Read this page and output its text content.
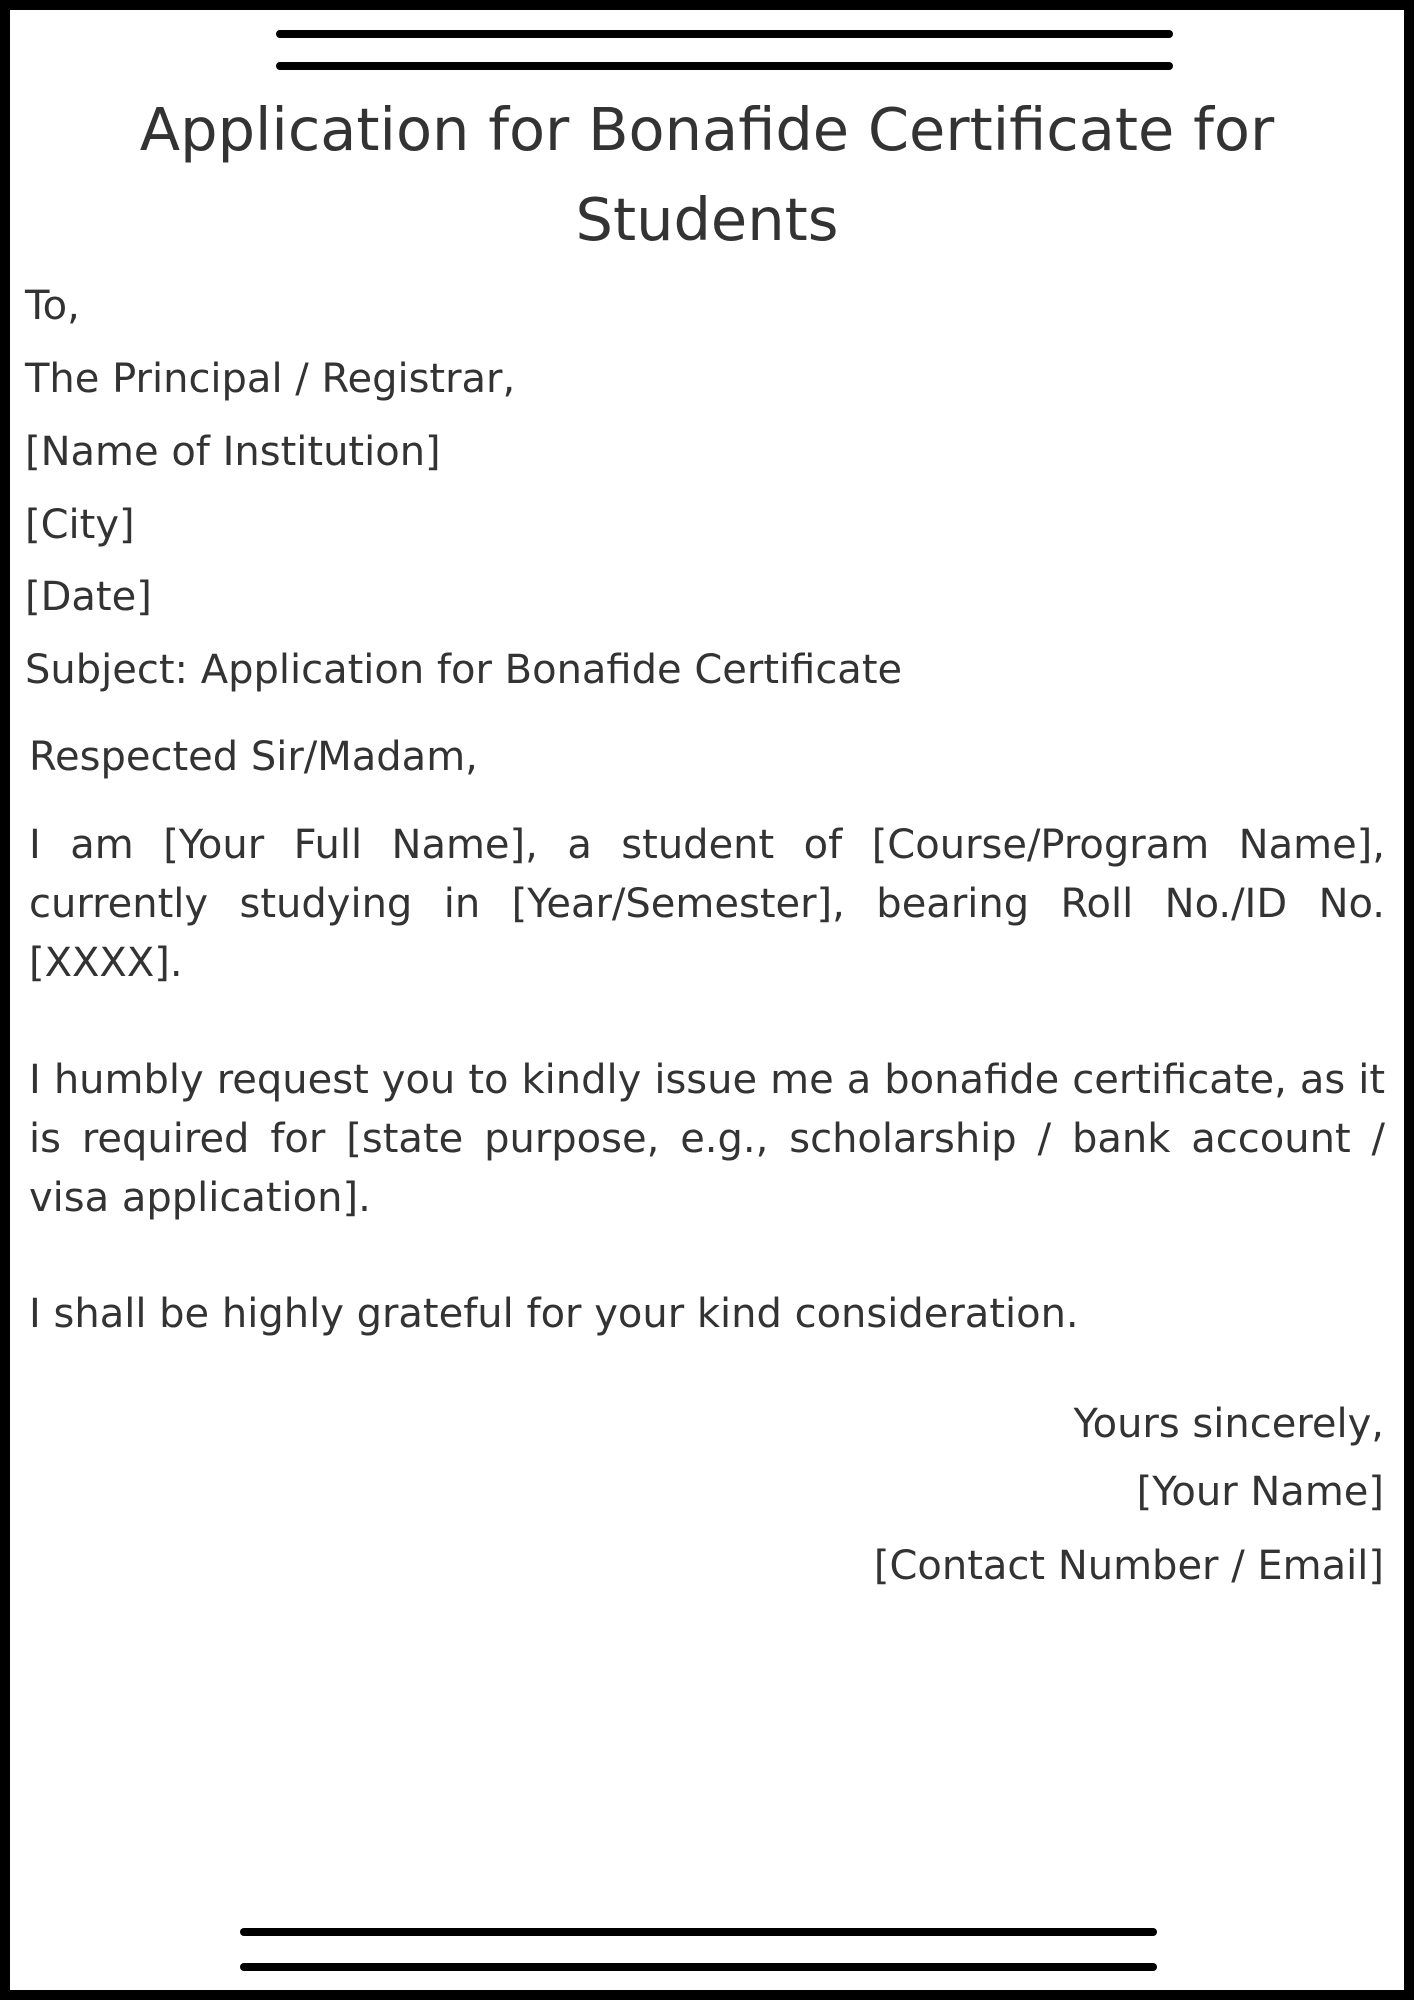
Application for Bonafide Certificate for Students
To,
The Principal / Registrar,
[Name of Institution]
[City]
[Date]
Subject: Application for Bonafide Certificate
Respected Sir/Madam,

I am [Your Full Name], a student of [Course/Program Name], currently studying in [Year/Semester], bearing Roll No./ID No. [XXXX].

I humbly request you to kindly issue me a bonafide certificate, as it is required for [state purpose, e.g., scholarship / bank account / visa application].

I shall be highly grateful for your kind consideration.

Yours sincerely,
[Your Name]
[Contact Number / Email]
